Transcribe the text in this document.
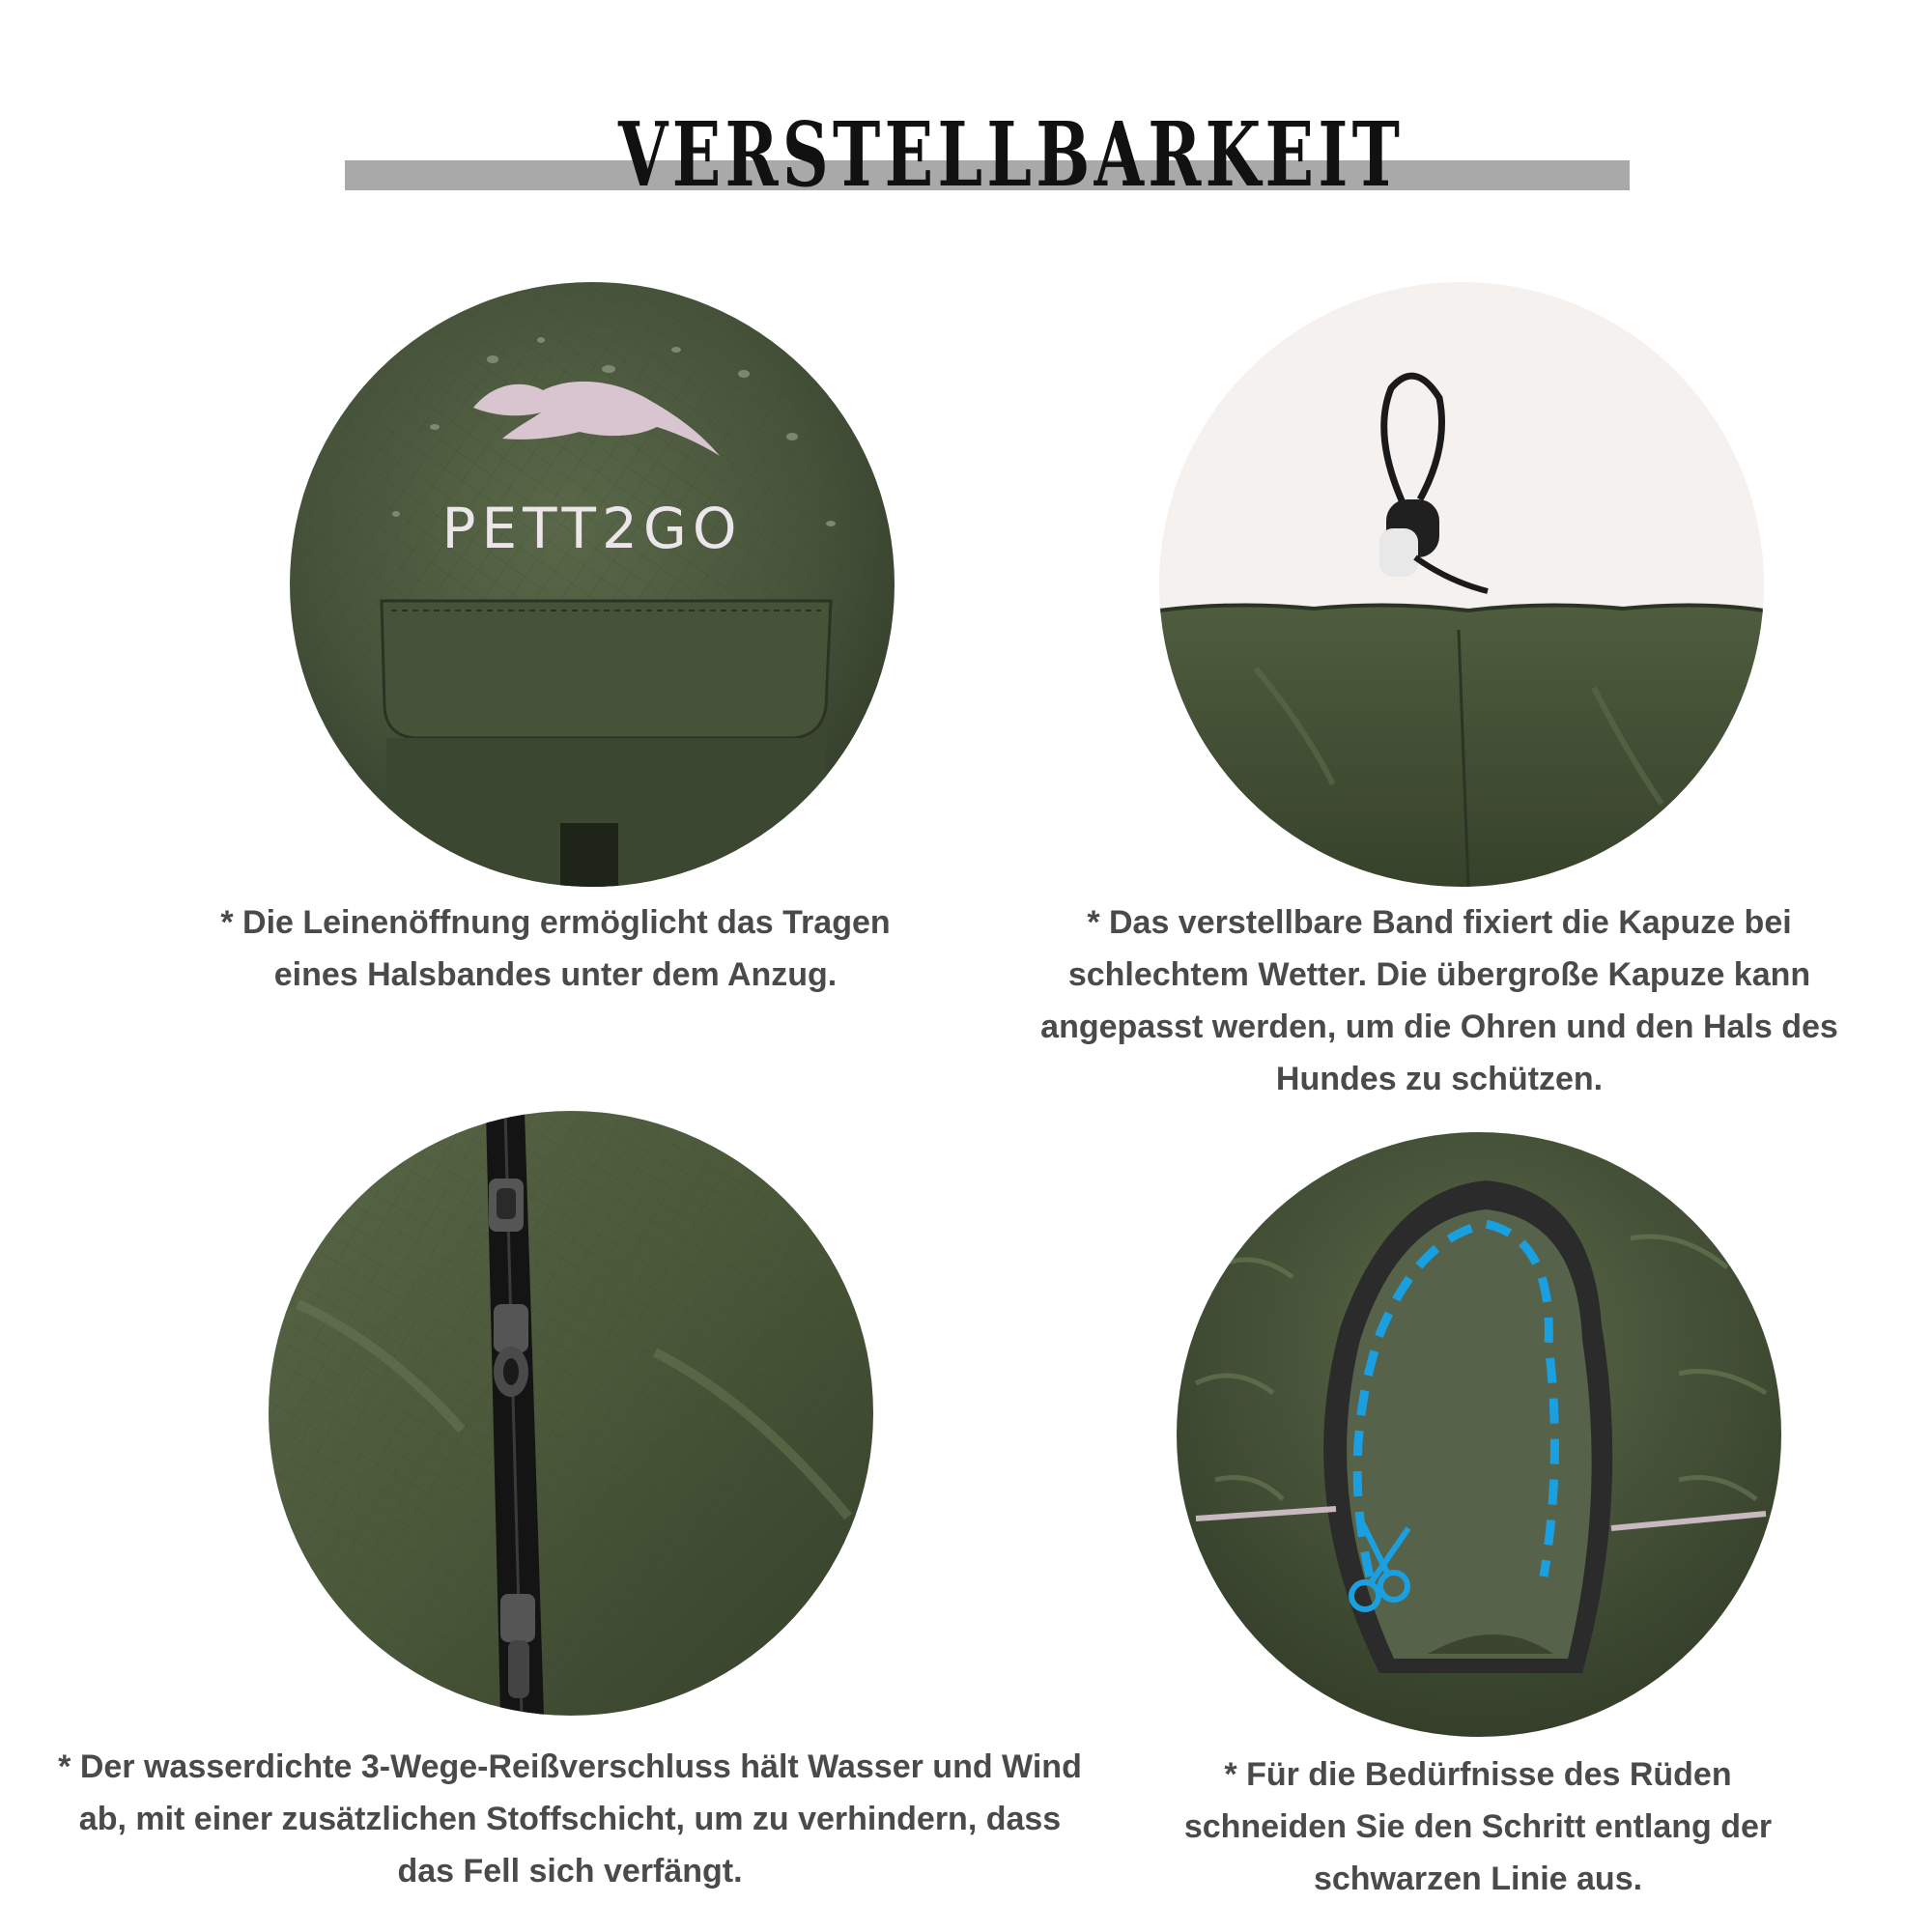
VERSTELLBARKEIT
PETT2GO
* Die Leinenöffnung ermöglicht das Tragen eines Halsbandes unter dem Anzug.
* Das verstellbare Band fixiert die Kapuze bei schlechtem Wetter. Die übergroße Kapuze kann angepasst werden, um die Ohren und den Hals des Hundes zu schützen.
* Der wasserdichte 3-Wege-Reißverschluss hält Wasser und Wind ab, mit einer zusätzlichen Stoffschicht, um zu verhindern, dass das Fell sich verfängt.
* Für die Bedürfnisse des Rüden schneiden Sie den Schritt entlang der schwarzen Linie aus.
